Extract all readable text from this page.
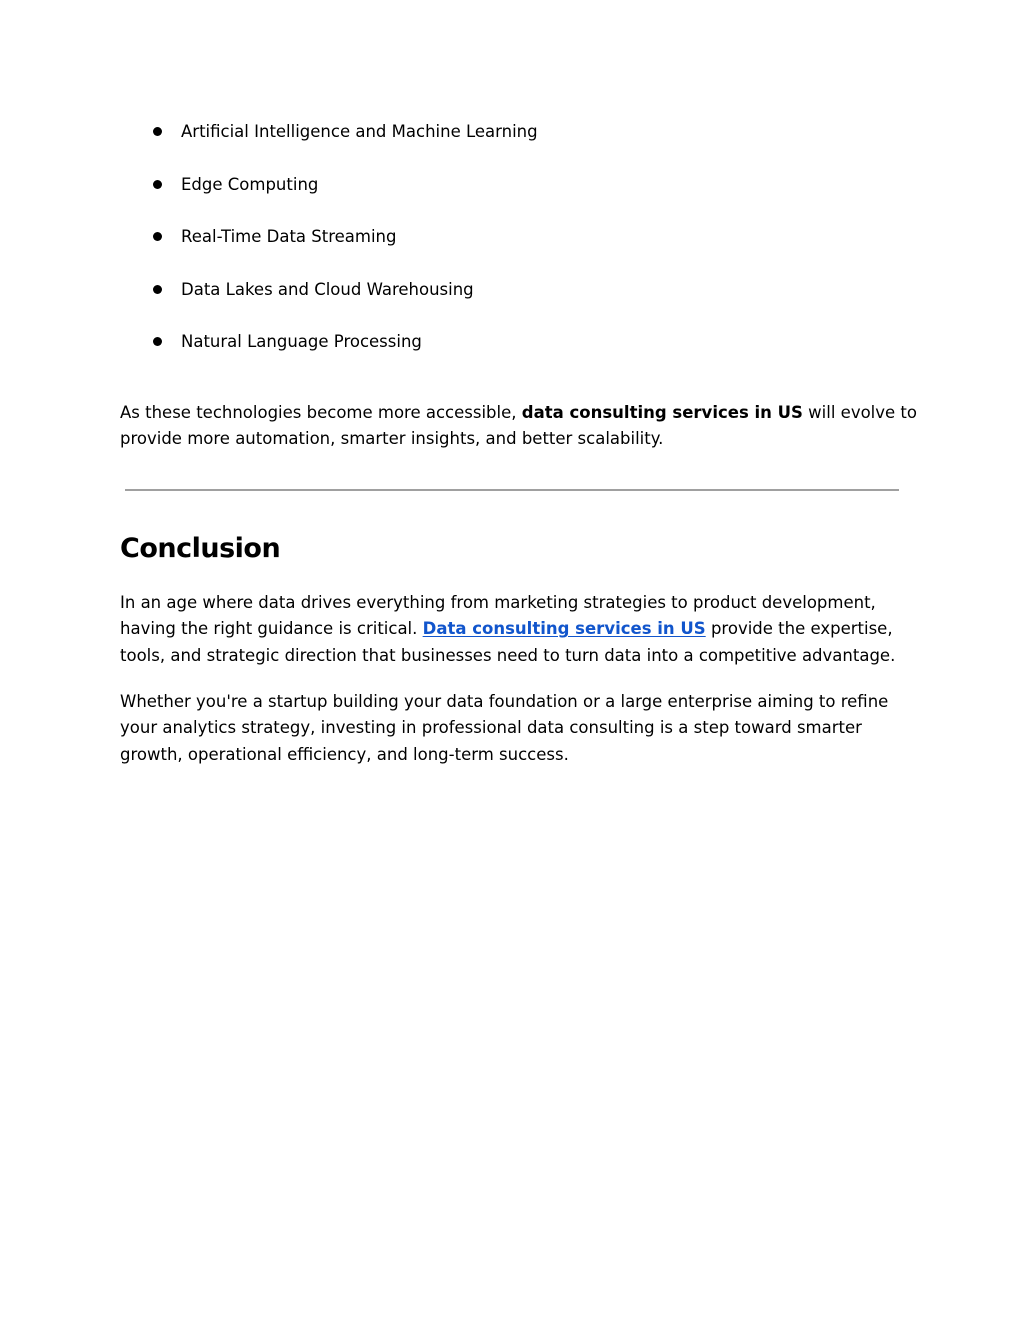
Artificial Intelligence and Machine Learning
Edge Computing
Real-Time Data Streaming
Data Lakes and Cloud Warehousing
Natural Language Processing

As these technologies become more accessible, data consulting services in US will evolve to provide more automation, smarter insights, and better scalability.

Conclusion

In an age where data drives everything from marketing strategies to product development, having the right guidance is critical. Data consulting services in US provide the expertise, tools, and strategic direction that businesses need to turn data into a competitive advantage.

Whether you're a startup building your data foundation or a large enterprise aiming to refine your analytics strategy, investing in professional data consulting is a step toward smarter growth, operational efficiency, and long-term success.
